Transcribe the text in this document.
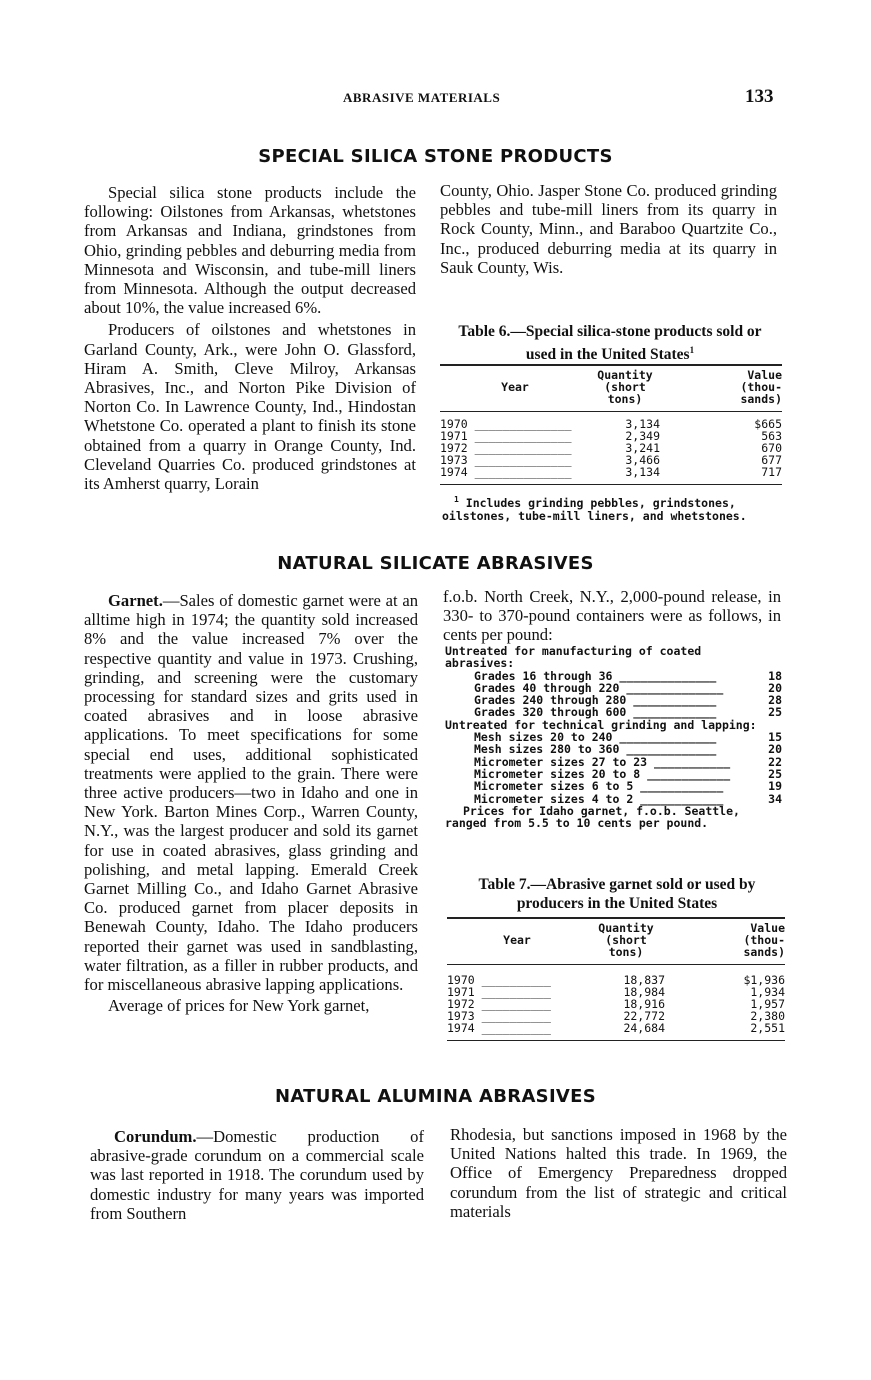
ABRASIVE MATERIALS	133
SPECIAL SILICA STONE PRODUCTS

Special silica stone products include the following: Oilstones from Arkansas, whetstones from Arkansas and Indiana, grindstones from Ohio, grinding pebbles and deburring media from Minnesota and Wisconsin, and tube-mill liners from Minnesota. Although the output decreased about 10%, the value increased 6%.

Producers of oilstones and whetstones in Garland County, Ark., were John O. Glassford, Hiram A. Smith, Cleve Milroy, Arkansas Abrasives, Inc., and Norton Pike Division of Norton Co. In Lawrence County, Ind., Hindostan Whetstone Co. operated a plant to finish its stone obtained from a quarry in Orange County, Ind. Cleveland Quarries Co. produced grindstones at its Amherst quarry, Lorain

County, Ohio. Jasper Stone Co. produced grinding pebbles and tube-mill liners from its quarry in Rock County, Minn., and Baraboo Quartzite Co., Inc., produced deburring media at its quarry in Sauk County, Wis.

Table 6.—Special silica-stone products sold or used in the United States$^1$
Year	Quantity
(short
tons)	Value
(thou-
sands)
1970 ______________	3,134	$665
1971 ______________	2,349	563
1972 ______________	3,241	670
1973 ______________	3,466	677
1974 ______________	3,134	717

$^1$ Includes grinding pebbles, grindstones, oilstones, tube-mill liners, and whetstones.
NATURAL SILICATE ABRASIVES

Garnet.—Sales of domestic garnet were at an alltime high in 1974; the quantity sold increased 8% and the value increased 7% over the respective quantity and value in 1973. Crushing, grinding, and screening were the customary processing for standard sizes and grits used in coated abrasives and in loose abrasive applications. To meet specifications for some special end uses, additional sophisticated treatments were applied to the grain. There were three active producers—two in Idaho and one in New York. Barton Mines Corp., Warren County, N.Y., was the largest producer and sold its garnet for use in coated abrasives, glass grinding and polishing, and metal lapping. Emerald Creek Garnet Milling Co., and Idaho Garnet Abrasive Co. produced garnet from placer deposits in Benewah County, Idaho. The Idaho producers reported their garnet was used in sandblasting, water filtration, as a filler in rubber products, and for miscellaneous abrasive lapping applications.

Average of prices for New York garnet,

f.o.b. North Creek, N.Y., 2,000-pound release, in 330- to 370-pound containers were as follows, in cents per pound:

Untreated for manufacturing of coated abrasives:
Grades 16 through 36 ______________	18
Grades 40 through 220 ______________	20
Grades 240 through 280 ____________	28
Grades 320 through 600 ____________	25
Untreated for technical grinding and lapping:
Mesh sizes 20 to 240 ______________	15
Mesh sizes 280 to 360 _____________	20
Micrometer sizes 27 to 23 ___________	22
Micrometer sizes 20 to 8 ____________	25
Micrometer sizes 6 to 5 ____________	19
Micrometer sizes 4 to 2 ____________	34
Prices for Idaho garnet, f.o.b. Seattle, ranged from 5.5 to 10 cents per pound.
Table 7.—Abrasive garnet sold or used by producers in the United States
Year	Quantity
(short
tons)	Value
(thou-
sands)
1970 __________	18,837	$1,936
1971 __________	18,984	1,934
1972 __________	18,916	1,957
1973 __________	22,772	2,380
1974 __________	24,684	2,551

NATURAL ALUMINA ABRASIVES

Corundum.—Domestic production of abrasive-grade corundum on a commercial scale was last reported in 1918. The corundum used by domestic industry for many years was imported from Southern

Rhodesia, but sanctions imposed in 1968 by the United Nations halted this trade. In 1969, the Office of Emergency Preparedness dropped corundum from the list of strategic and critical materials
